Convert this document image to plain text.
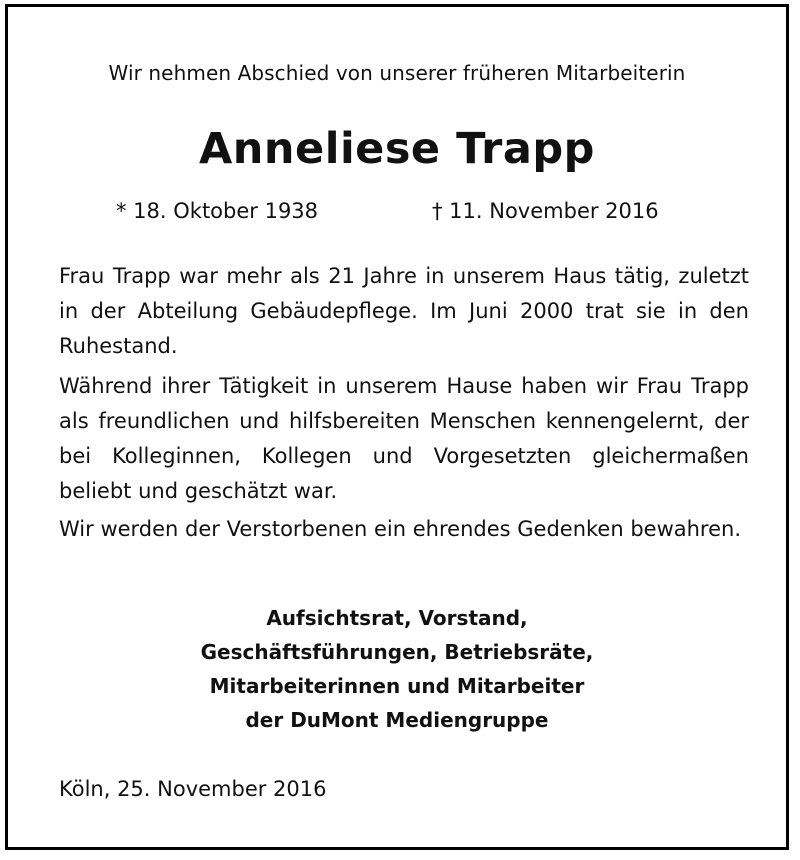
Wir nehmen Abschied von unserer früheren Mitarbeiterin
Anneliese Trapp
* 18. Oktober 1938	† 11. November 2016

Frau Trapp war mehr als 21 Jahre in unserem Haus tätig, zuletzt in der Abteilung Gebäudepflege. Im Juni 2000 trat sie in den Ruhestand.

Während ihrer Tätigkeit in unserem Hause haben wir Frau Trapp als freundlichen und hilfsbereiten Menschen kennengelernt, der bei Kolleginnen, Kollegen und Vorgesetzten gleichermaßen beliebt und geschätzt war.

Wir werden der Verstorbenen ein ehrendes Gedenken bewahren.

Aufsichtsrat, Vorstand,
Geschäftsführungen, Betriebsräte,
Mitarbeiterinnen und Mitarbeiter
der DuMont Mediengruppe
Köln, 25. November 2016
